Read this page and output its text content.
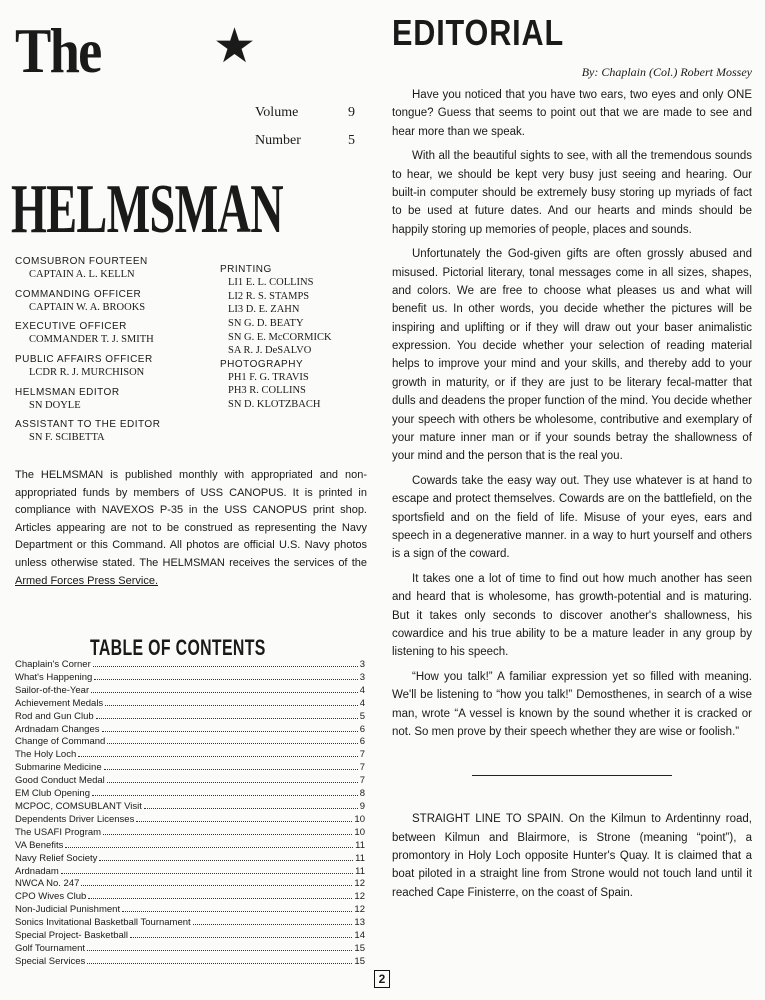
The ★
Volume	9
Number	5
HELMSMAN
COMSUBRON FOURTEEN
CAPTAIN A. L. KELLN
COMMANDING OFFICER
CAPTAIN W. A. BROOKS
EXECUTIVE OFFICER
COMMANDER T. J. SMITH
PUBLIC AFFAIRS OFFICER
LCDR R. J. MURCHISON
HELMSMAN EDITOR
SN DOYLE
ASSISTANT TO THE EDITOR
SN F. SCIBETTA
PRINTING
LI1 E. L. COLLINS
LI2 R. S. STAMPS
LI3 D. E. ZAHN
SN G. D. BEATY
SN G. E. McCORMICK
SA R. J. DeSALVO
PHOTOGRAPHY
PH1 F. G. TRAVIS
PH3 R. COLLINS
SN D. KLOTZBACH
The HELMSMAN is published monthly with appropriated and non-appropriated funds by members of USS CANOPUS. It is printed in compliance with NAVEXOS P-35 in the USS CANOPUS print shop. Articles appearing are not to be construed as representing the Navy Department or this Command. All photos are official U.S. Navy photos unless otherwise stated. The HELMSMAN receives the services of the Armed Forces Press Service.
TABLE OF CONTENTS
Chaplain's Corner	3
What's Happening	3
Sailor-of-the-Year	4
Achievement Medals	4
Rod and Gun Club	5
Ardnadam Changes	6
Change of Command	6
The Holy Loch	7
Submarine Medicine	7
Good Conduct Medal	7
EM Club Opening	8
MCPOC, COMSUBLANT Visit	9
Dependents Driver Licenses	10
The USAFI Program	10
VA Benefits	11
Navy Relief Society	11
Ardnadam	11
NWCA No. 247	12
CPO Wives Club	12
Non-Judicial Punishment	12
Sonics Invitational Basketball Tournament	13
Special Project- Basketball	14
Golf Tournament	15
Special Services	15
EDITORIAL
By: Chaplain (Col.) Robert Mossey

Have you noticed that you have two ears, two eyes and only ONE tongue? Guess that seems to point out that we are made to see and hear more than we speak.

With all the beautiful sights to see, with all the tremendous sounds to hear, we should be kept very busy just seeing and hearing. Our built-in computer should be extremely busy storing up myriads of fact to be used at future dates. And our hearts and minds should be happily storing up memories of people, places and sounds.

Unfortunately the God-given gifts are often grossly abused and misused. Pictorial literary, tonal messages come in all sizes, shapes, and colors. We are free to choose what pleases us and what will benefit us. In other words, you decide whether the pictures will be inspiring and uplifting or if they will draw out your baser animalistic expression. You decide whether your selection of reading material helps to improve your mind and your skills, and thereby add to your growth in maturity, or if they are just to be literary fecal-matter that dulls and deadens the proper function of the mind. You decide whether your speech with others be wholesome, contributive and exemplary of your mature inner man or if your sounds betray the shallowness of your mind and the person that is the real you.

Cowards take the easy way out. They use whatever is at hand to escape and protect themselves. Cowards are on the battlefield, on the sportsfield and on the field of life. Misuse of your eyes, ears and speech in a degenerative manner. in a way to hurt yourself and others is a sign of the coward.

It takes one a lot of time to find out how much another has seen and heard that is wholesome, has growth-potential and is maturing. But it takes only seconds to discover another's shallowness, his cowardice and his true ability to be a mature leader in any group by listening to his speech.

“How you talk!” A familiar expression yet so filled with meaning. We'll be listening to “how you talk!” Demosthenes, in search of a wise man, wrote “A vessel is known by the sound whether it is cracked or not. So men prove by their speech whether they are wise or foolish.”

STRAIGHT LINE TO SPAIN. On the Kilmun to Ardentinny road, between Kilmun and Blairmore, is Strone (meaning “point”), a promontory in Holy Loch opposite Hunter's Quay. It is claimed that a boat piloted in a straight line from Strone would not touch land until it reached Cape Finisterre, on the coast of Spain.

2
